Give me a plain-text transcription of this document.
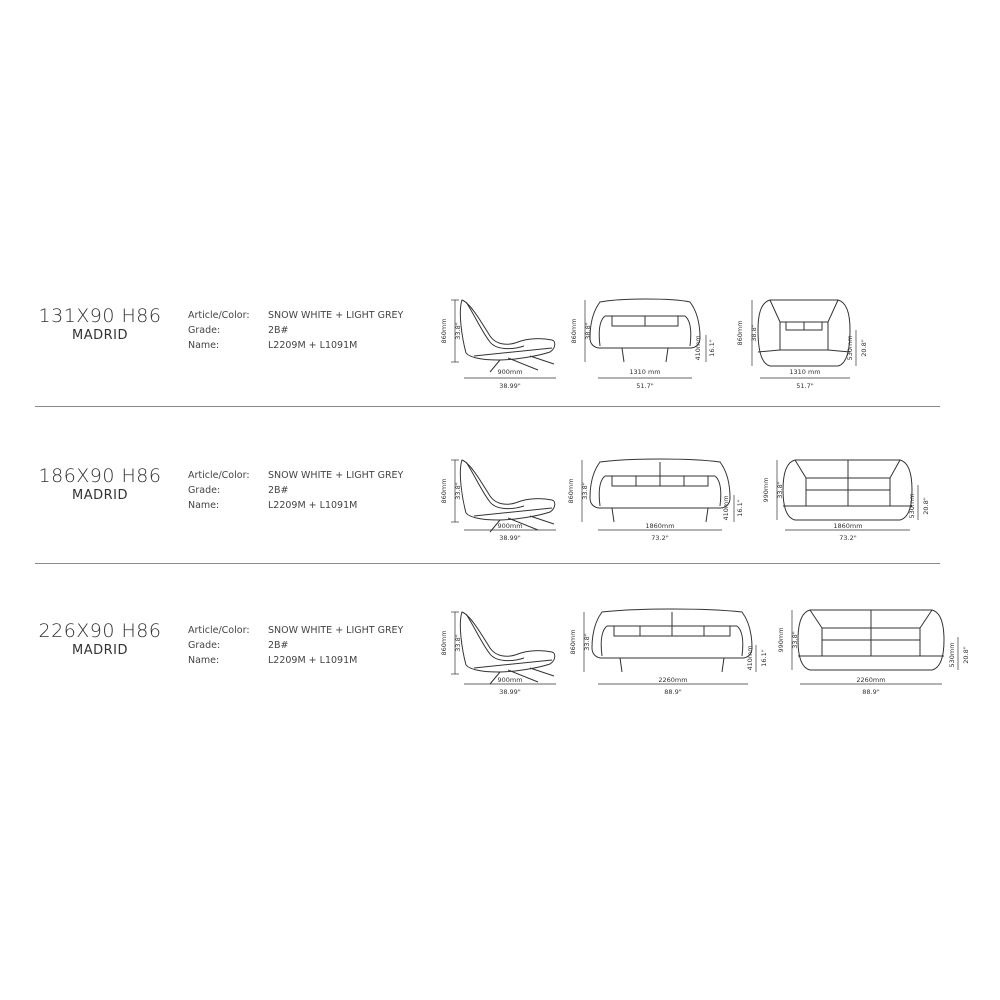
131X90 H86
MADRID
Article/Color: SNOW WHITE + LIGHT GREY
Grade:	2B#
Name:	L2209M + L1091M
186X90 H86
MADRID
Article/Color: SNOW WHITE + LIGHT GREY
Grade:	2B#
Name:	L2209M + L1091M
226X90 H86
MADRID
Article/Color: SNOW WHITE + LIGHT GREY
Grade:	2B#
Name:	L2209M + L1091M
860mm 33.8"
900mm
38.99"
860mm 38.8"
410mm 16.1"
1310 mm
51.7"
860mm 38.8"
530mm 20.8"
1310 mm
51.7"
860mm 33.8"
900mm
38.99"
860mm 33.8"
410mm 16.1"
1860mm
73.2"
990mm 33.8"
530mm 20.8"
1860mm
73.2"
860mm 33.8"
900mm
38.99"
860mm 33.8"
410mm 16.1"
2260mm
88.9"
990mm 33.8"
530mm 20.8"
2260mm
88.9"
